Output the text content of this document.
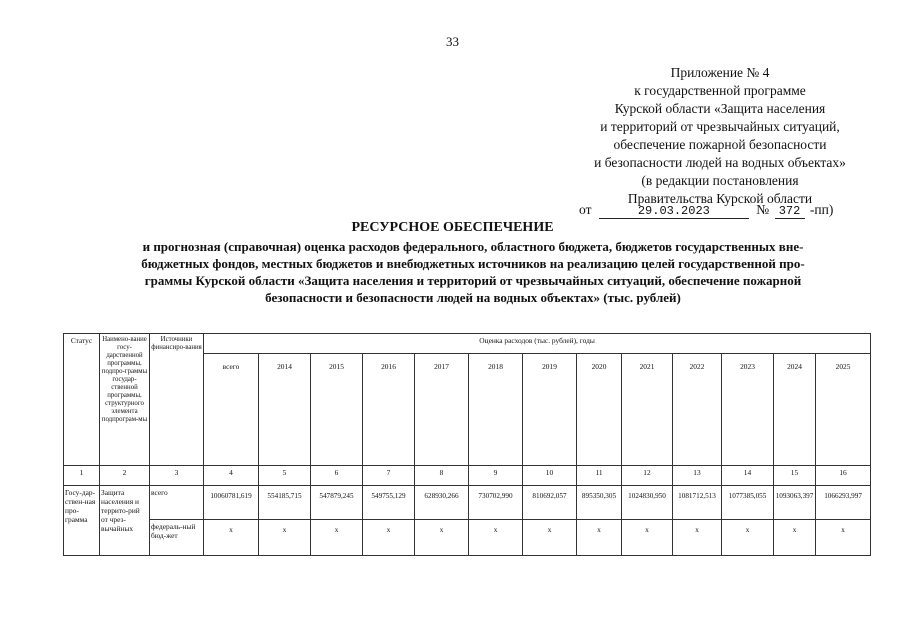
33
Приложение № 4
к государственной программе
Курской области «Защита населения
и территорий от чрезвычайных ситуаций,
обеспечение пожарной безопасности
и безопасности людей на водных объектах»
(в редакции постановления
Правительства Курской области
от	29.03.2023	№ 372 -пп)
РЕСУРСНОЕ ОБЕСПЕЧЕНИЕ
и прогнозная (справочная) оценка расходов федерального, областного бюджета, бюджетов государственных вне-
бюджетных фондов, местных бюджетов и внебюджетных источников на реализацию целей государственной про-
граммы Курской области «Защита населения и территорий от чрезвычайных ситуаций, обеспечение пожарной
безопасности и безопасности людей на водных объектах» (тыс. рублей)
Статус	Наимено-вание госу-дарственной программы, подпро-граммы государ-ственной программы, структурного элемента подпрограм-мы	Источники финансиро-вания	Оценка расходов (тыс. рублей), годы												
			всего	2014	2015	2016	2017	2018	2019	2020	2021	2022	2023	2024	2025
1	2	3	4	5	6	7	8	9	10	11	12	13	14	15	16
Госу-дар-ствен-ная про-грамма	Защита населения и террито-рий от чрез-вычайных	всего	10060781,619	554185,715	547879,245	549755,129	628930,266	730702,990	810692,057	895350,305	1024830,950	1081712,513	1077385,055	1093063,397	1066293,997
		федераль-ный бюд-жет	x	x	x	x	x	x	x	x	x	x	x	x	x
